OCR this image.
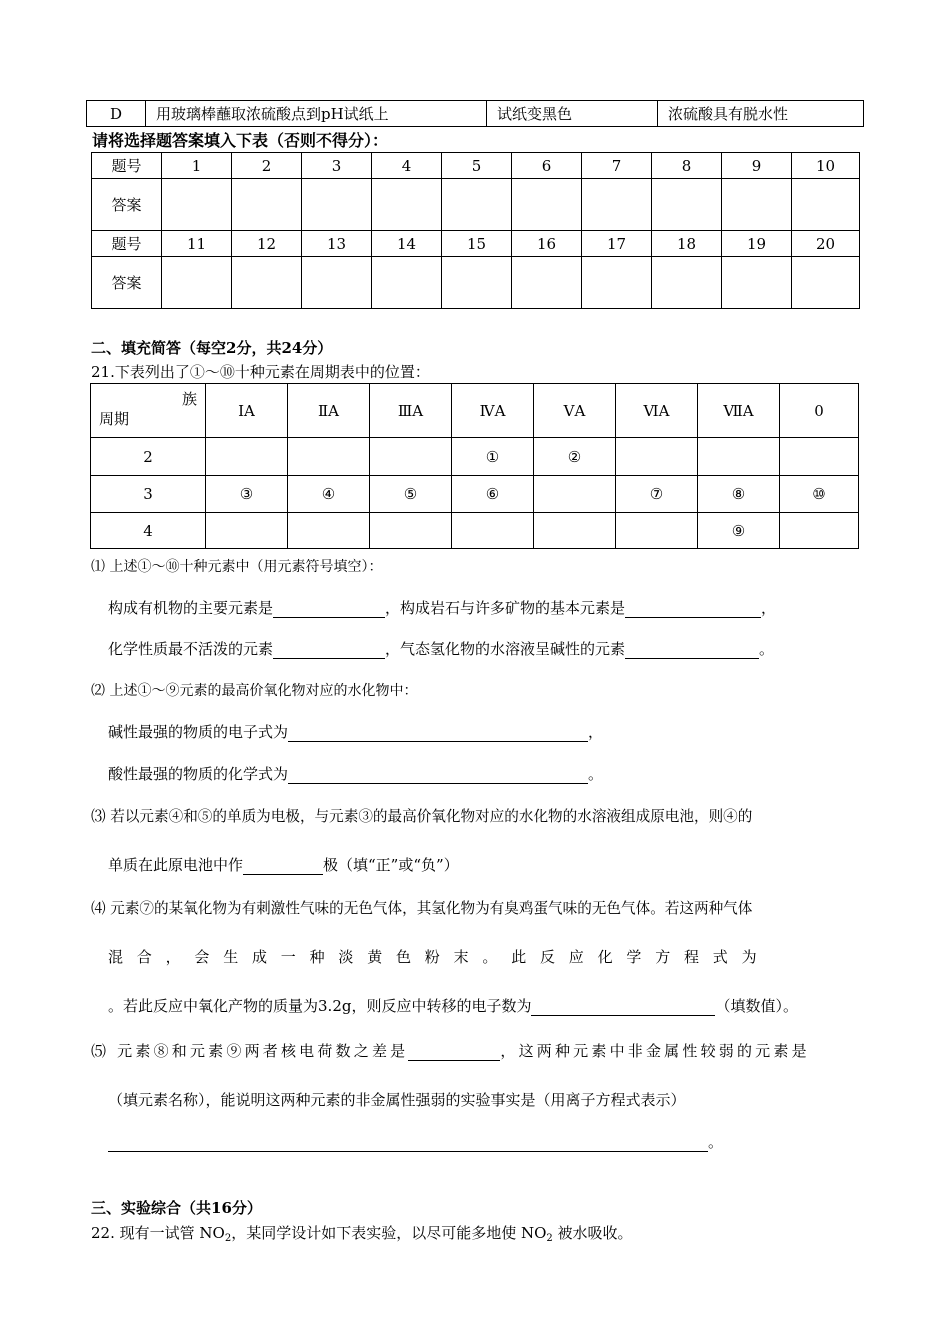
D	用玻璃棒蘸取浓硫酸点到pH试纸上	试纸变黑色	浓硫酸具有脱水性
请将选择题答案填入下表（否则不得分）：
题号	1	2	3	4	5	6	7	8	9	10
答案										
题号	11	12	13	14	15	16	17	18	19	20
答案										
二、填充简答（每空2分，共24分）
21.下表列出了①～⑩十种元素在周期表中的位置：
族
周期	ⅠA	ⅡA	ⅢA	ⅣA	ⅤA	ⅥA	ⅦA	0
2				①	②			
3	③	④	⑤	⑥		⑦	⑧	⑩
4							⑨	
⑴ 上述①～⑩十种元素中（用元素符号填空）：
构成有机物的主要元素是	，构成岩石与许多矿物的基本元素是	，
化学性质最不活泼的元素	，气态氢化物的水溶液呈碱性的元素	。
⑵ 上述①～⑨元素的最高价氧化物对应的水化物中：
碱性最强的物质的电子式为	，
酸性最强的物质的化学式为	。
⑶ 若以元素④和⑤的单质为电极，与元素③的最高价氧化物对应的水化物的水溶液组成原电池，则④的
单质在此原电池中作	极（填“正”或“负”）
⑷ 元素⑦的某氧化物为有刺激性气味的无色气体，其氢化物为有臭鸡蛋气味的无色气体。若这两种气体
混合，会生成一种淡黄色粉末。此反应化学方程式为
。若此反应中氧化产物的质量为3.2g，则反应中转移的电子数为	（填数值）。
⑸ 元素⑧和元素⑨两者核电荷数之差是	，这两种元素中非金属性较弱的元素是
（填元素名称），能说明这两种元素的非金属性强弱的实验事实是（用离子方程式表示）
。
三、实验综合（共16分）
22. 现有一试管 $NO_2$，某同学设计如下表实验，以尽可能多地使 $NO_2$ 被水吸收。
